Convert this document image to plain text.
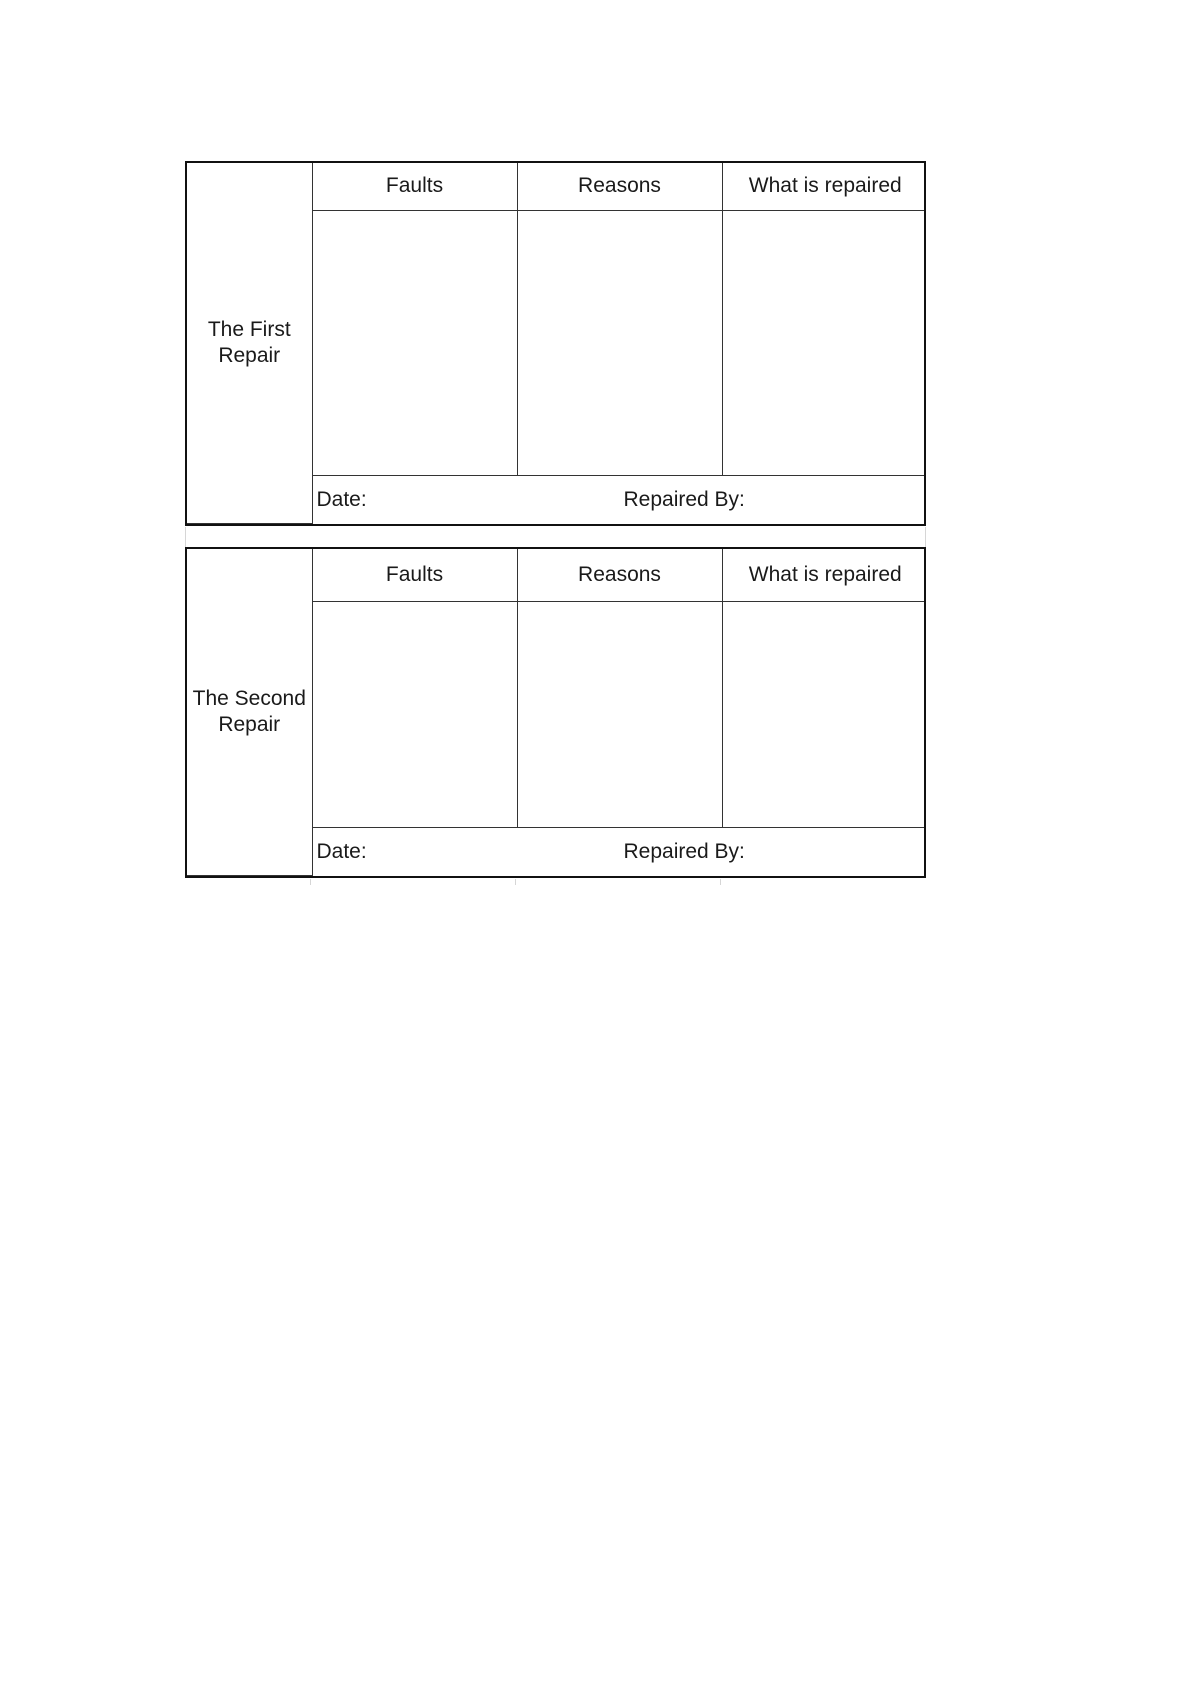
The First
Repair	Faults	Reasons	What is repaired

	Date: Repaired By:		
The Second
Repair	Faults	Reasons	What is repaired

	Date: Repaired By:		
